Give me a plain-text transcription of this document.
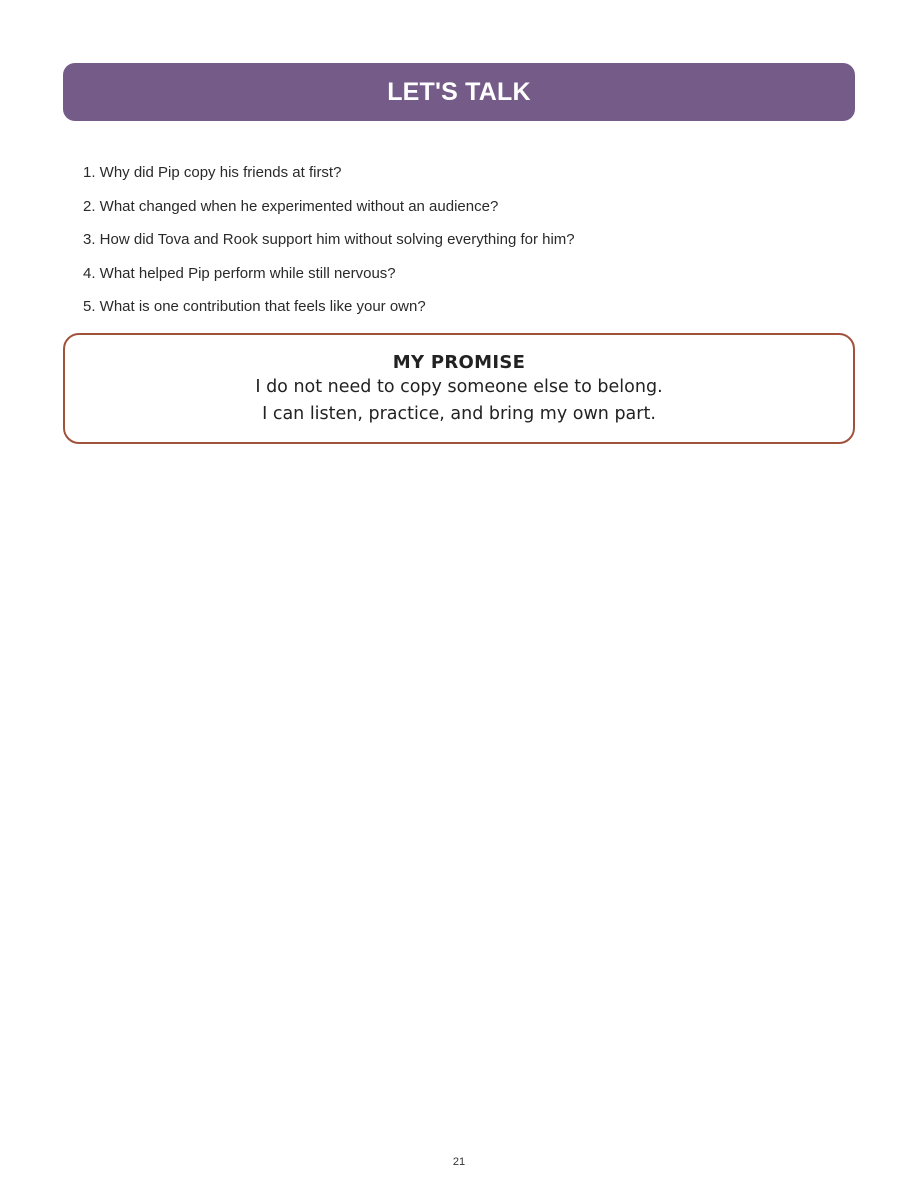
LET'S TALK
1. Why did Pip copy his friends at first?
2. What changed when he experimented without an audience?
3. How did Tova and Rook support him without solving everything for him?
4. What helped Pip perform while still nervous?
5. What is one contribution that feels like your own?
MY PROMISE
I do not need to copy someone else to belong.
I can listen, practice, and bring my own part.
21
